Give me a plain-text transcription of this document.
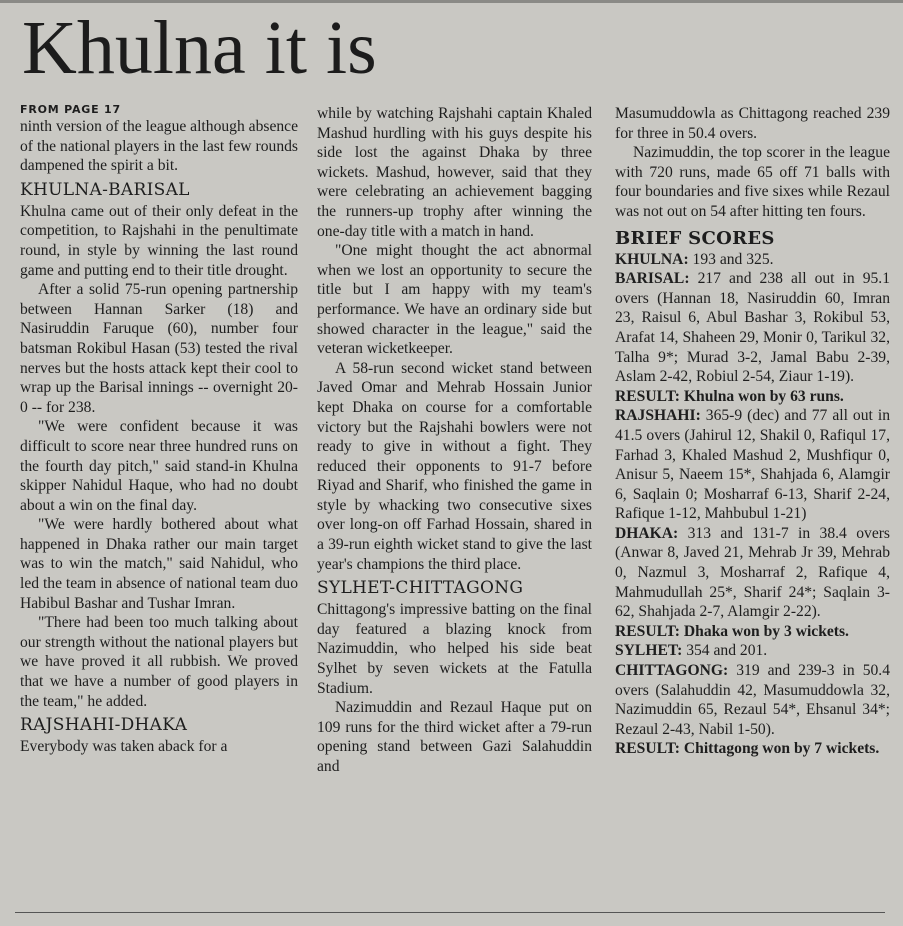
Khulna it is
FROM PAGE 17

ninth version of the league although absence of the national players in the last few rounds dampened the spirit a bit.

KHULNA-BARISAL

Khulna came out of their only defeat in the competition, to Rajshahi in the penultimate round, in style by winning the last round game and putting end to their title drought.

After a solid 75-run opening partnership between Hannan Sarker (18) and Nasiruddin Faruque (60), number four batsman Rokibul Hasan (53) tested the rival nerves but the hosts attack kept their cool to wrap up the Barisal innings -- overnight 20-0 -- for 238.

"We were confident because it was difficult to score near three hundred runs on the fourth day pitch," said stand-in Khulna skipper Nahidul Haque, who had no doubt about a win on the final day.

"We were hardly bothered about what happened in Dhaka rather our main target was to win the match," said Nahidul, who led the team in absence of national team duo Habibul Bashar and Tushar Imran.

"There had been too much talking about our strength without the national players but we have proved it all rubbish. We proved that we have a number of good players in the team," he added.

RAJSHAHI-DHAKA

Everybody was taken aback for a

while by watching Rajshahi captain Khaled Mashud hurdling with his guys despite his side lost the against Dhaka by three wickets. Mashud, however, said that they were celebrating an achievement bagging the runners-up trophy after winning the one-day title with a match in hand.

"One might thought the act abnormal when we lost an opportunity to secure the title but I am happy with my team's performance. We have an ordinary side but showed character in the league," said the veteran wicketkeeper.

A 58-run second wicket stand between Javed Omar and Mehrab Hossain Junior kept Dhaka on course for a comfortable victory but the Rajshahi bowlers were not ready to give in without a fight. They reduced their opponents to 91-7 before Riyad and Sharif, who finished the game in style by whacking two consecutive sixes over long-on off Farhad Hossain, shared in a 39-run eighth wicket stand to give the last year's champions the third place.

SYLHET-CHITTAGONG

Chittagong's impressive batting on the final day featured a blazing knock from Nazimuddin, who helped his side beat Sylhet by seven wickets at the Fatulla Stadium.

Nazimuddin and Rezaul Haque put on 109 runs for the third wicket after a 79-run opening stand between Gazi Salahuddin and

Masumuddowla as Chittagong reached 239 for three in 50.4 overs.

Nazimuddin, the top scorer in the league with 720 runs, made 65 off 71 balls with four boundaries and five sixes while Rezaul was not out on 54 after hitting ten fours.

BRIEF SCORES

KHULNA: 193 and 325.

BARISAL: 217 and 238 all out in 95.1 overs (Hannan 18, Nasiruddin 60, Imran 23, Raisul 6, Abul Bashar 3, Rokibul 53, Arafat 14, Shaheen 29, Monir 0, Tarikul 32, Talha 9*; Murad 3-2, Jamal Babu 2-39, Aslam 2-42, Robiul 2-54, Ziaur 1-19).

RESULT: Khulna won by 63 runs.

RAJSHAHI: 365-9 (dec) and 77 all out in 41.5 overs (Jahirul 12, Shakil 0, Rafiqul 17, Farhad 3, Khaled Mashud 2, Mushfiqur 0, Anisur 5, Naeem 15*, Shahjada 6, Alamgir 6, Saqlain 0; Mosharraf 6-13, Sharif 2-24, Rafique 1-12, Mahbubul 1-21)

DHAKA: 313 and 131-7 in 38.4 overs (Anwar 8, Javed 21, Mehrab Jr 39, Mehrab 0, Nazmul 3, Mosharraf 2, Rafique 4, Mahmudullah 25*, Sharif 24*; Saqlain 3-62, Shahjada 2-7, Alamgir 2-22).

RESULT: Dhaka won by 3 wickets.

SYLHET: 354 and 201.

CHITTAGONG: 319 and 239-3 in 50.4 overs (Salahuddin 42, Masumuddowla 32, Nazimuddin 65, Rezaul 54*, Ehsanul 34*; Rezaul 2-43, Nabil 1-50).

RESULT: Chittagong won by 7 wickets.
